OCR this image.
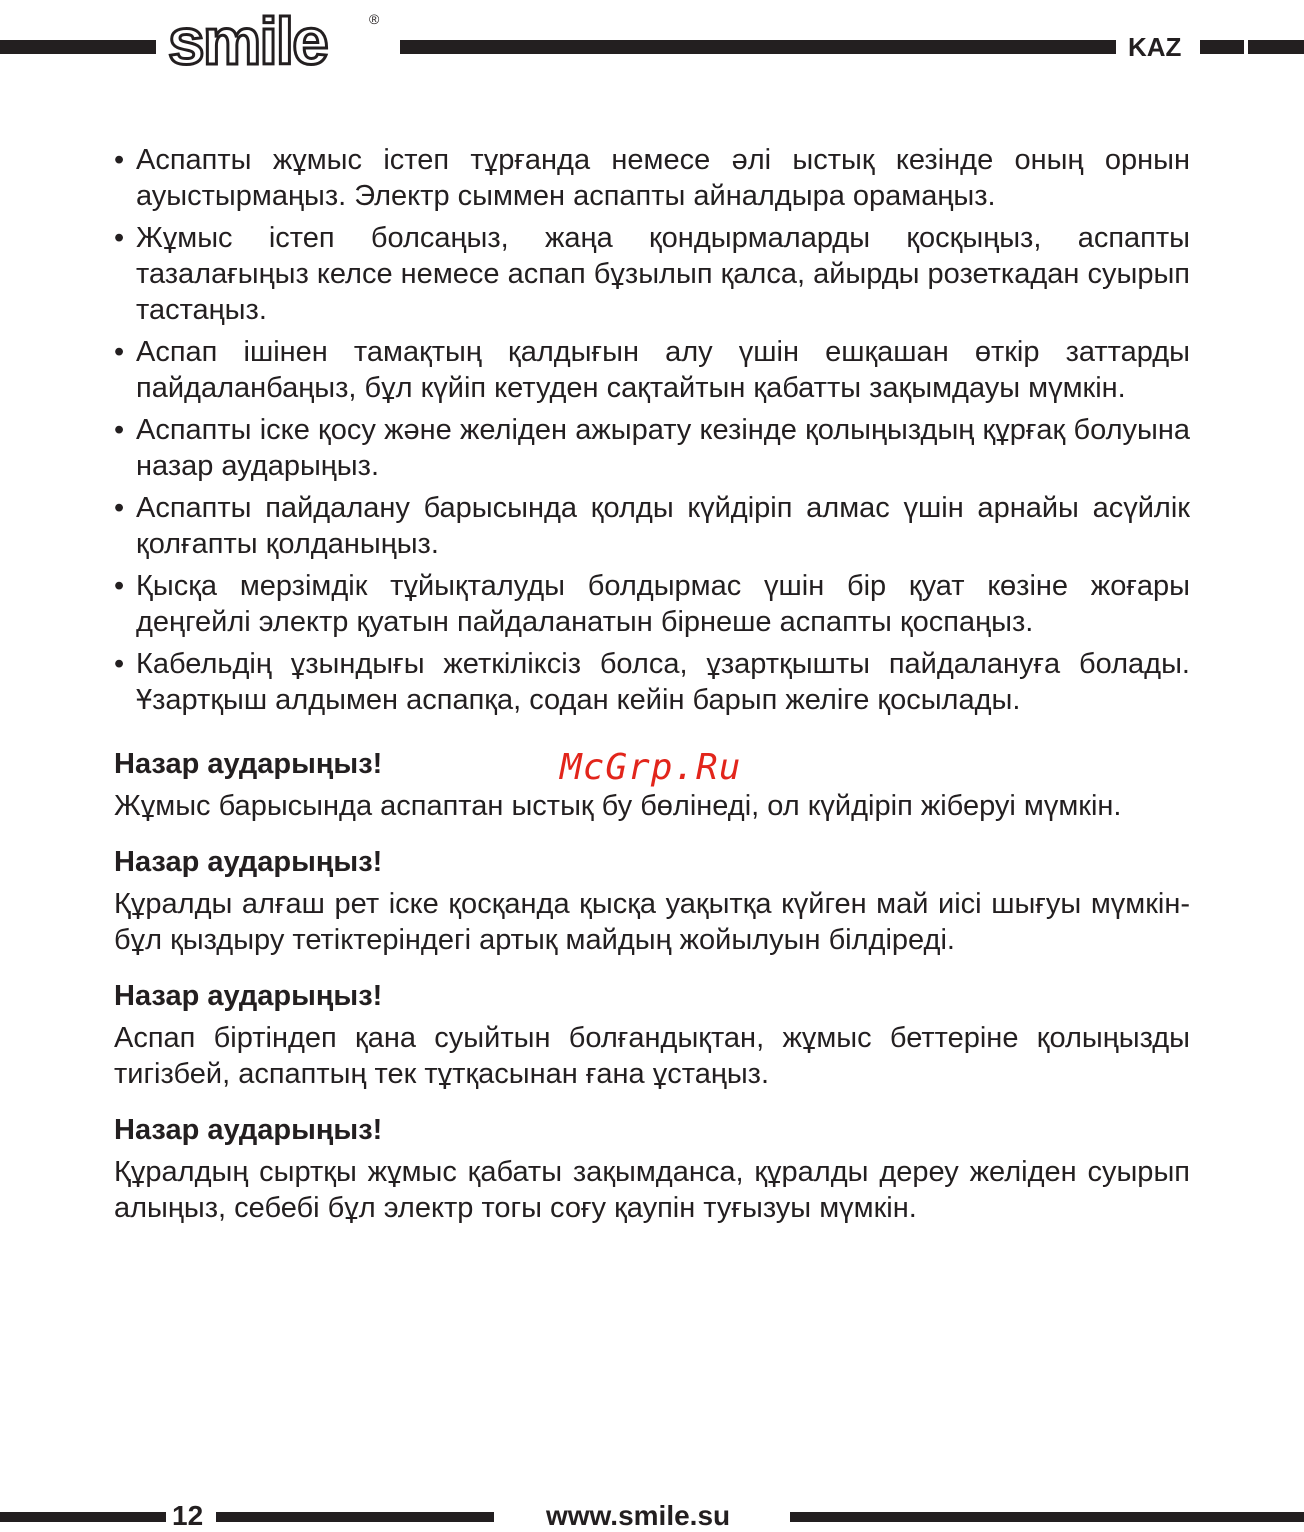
smile	®
KAZ
• Аспапты жұмыс істеп тұрғанда немесе әлі ыстық кезінде оның орнын ауыстырмаңыз. Электр сыммен аспапты айналдыра орамаңыз.
• Жұмыс істеп болсаңыз, жаңа қондырмаларды қосқыңыз, аспапты тазалағыңыз келсе немесе аспап бұзылып қалса, айырды розеткадан суырып тастаңыз.
• Аспап ішінен тамақтың қалдығын алу үшін ешқашан өткір заттарды пайдаланбаңыз, бұл күйіп кетуден сақтайтын қабатты зақымдауы мүмкін.
• Аспапты іске қосу және желіден ажырату кезінде қолыңыздың құрғақ болуына назар аударыңыз.
• Аспапты пайдалану барысында қолды күйдіріп алмас үшін арнайы асүйлік қолғапты қолданыңыз.
• Қысқа мерзімдік тұйықталуды болдырмас үшін бір қуат көзіне жоғары деңгейлі электр қуатын пайдаланатын бірнеше аспапты қоспаңыз.
• Кабельдің ұзындығы жеткіліксіз болса, ұзартқышты пайдалануға болады. Ұзартқыш алдымен аспапқа, содан кейін барып желіге қосылады.
Назар аударыңыз!
Жұмыс барысында аспаптан ыстық бу бөлінеді, ол күйдіріп жіберуі мүмкін.
Назар аударыңыз!
Құралды алғаш рет іске қосқанда қысқа уақытқа күйген май иісі шығуы мүмкін- бұл қыздыру тетіктеріндегі артық майдың жойылуын білдіреді.
Назар аударыңыз!
Аспап біртіндеп қана суыйтын болғандықтан, жұмыс беттеріне қолыңызды тигізбей, аспаптың тек тұтқасынан ғана ұстаңыз.
Назар аударыңыз!
Құралдың сыртқы жұмыс қабаты зақымданса, құралды дереу желіден суырып алыңыз, себебі бұл электр тогы соғу қаупін туғызуы мүмкін.
McGrp.Ru
12	www.smile.su
